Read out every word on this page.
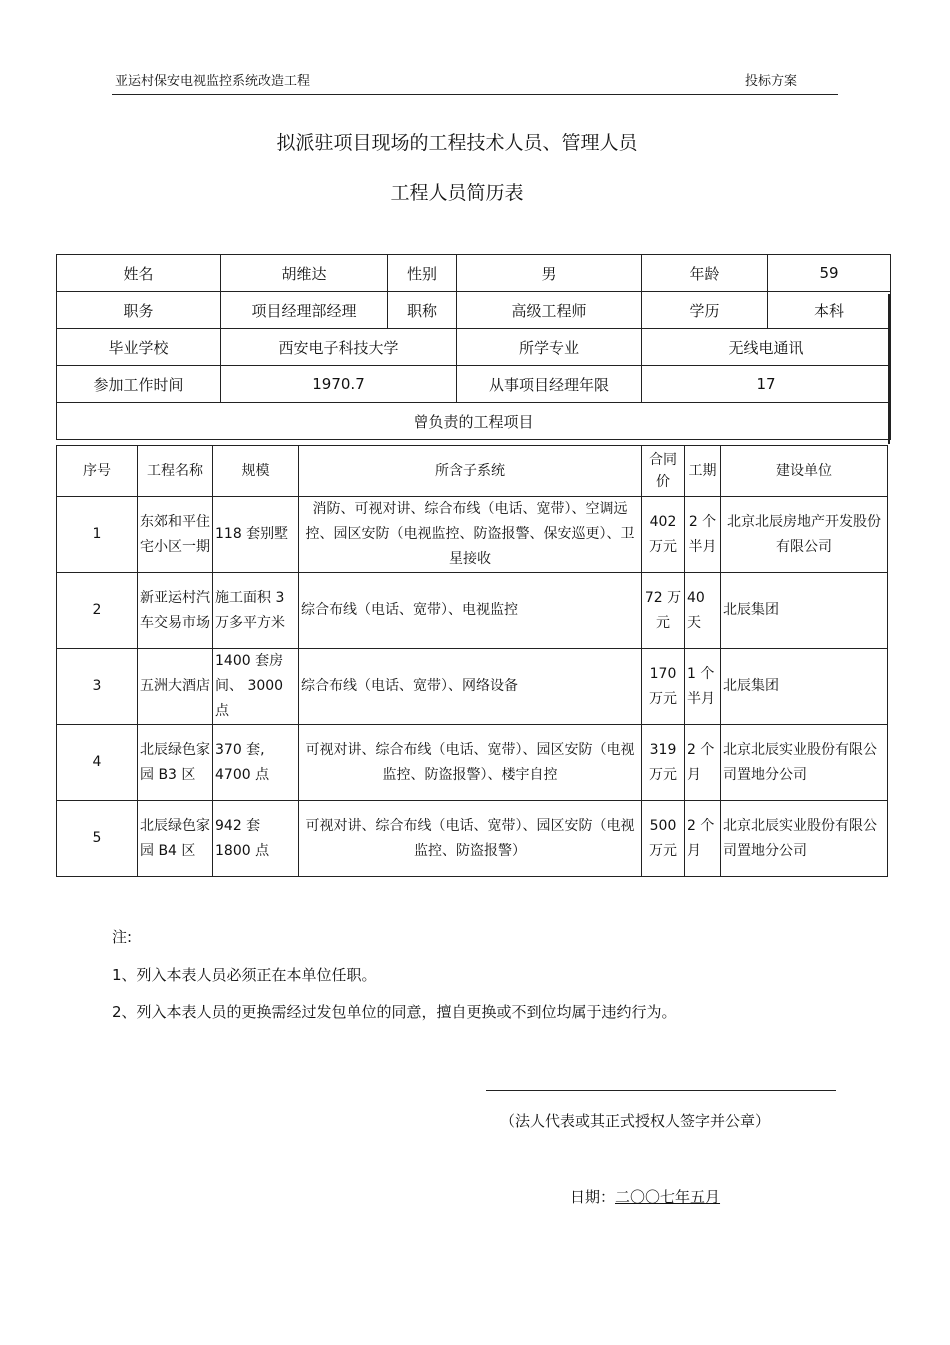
亚运村保安电视监控系统改造工程	投标方案
拟派驻项目现场的工程技术人员、管理人员
工程人员简历表
姓名	胡维达	性别	男	年龄	59
职务	项目经理部经理	职称	高级工程师	学历	本科
毕业学校	西安电子科技大学		所学专业	无线电通讯	
参加工作时间	1970.7		从事项目经理年限	17	
曾负责的工程项目					
序号	工程名称	规模	所含子系统	合同价	工期	建设单位
1	东郊和平住宅小区一期	118 套别墅	消防、可视对讲、综合布线（电话、宽带）、空调远控、园区安防（电视监控、防盗报警、保安巡更）、卫星接收	402 万元	2 个半月	北京北辰房地产开发股份有限公司
2	新亚运村汽车交易市场	施工面积 3 万多平方米	综合布线（电话、宽带）、电视监控	72 万元	40 天	北辰集团
3	五洲大酒店	1400 套房间、 3000 点	综合布线（电话、宽带）、网络设备	170 万元	1 个半月	北辰集团
4	北辰绿色家园 B3 区	370 套, 4700 点	可视对讲、综合布线（电话、宽带）、园区安防（电视监控、防盗报警）、楼宇自控	319 万元	2 个月	北京北辰实业股份有限公司置地分公司
5	北辰绿色家园 B4 区	942 套 1800 点	可视对讲、综合布线（电话、宽带）、园区安防（电视监控、防盗报警）	500 万元	2 个月	北京北辰实业股份有限公司置地分公司
注:
1、列入本表人员必须正在本单位任职。
2、列入本表人员的更换需经过发包单位的同意，擅自更换或不到位均属于违约行为。
（法人代表或其正式授权人签字并公章）
日期：二〇〇七年五月
